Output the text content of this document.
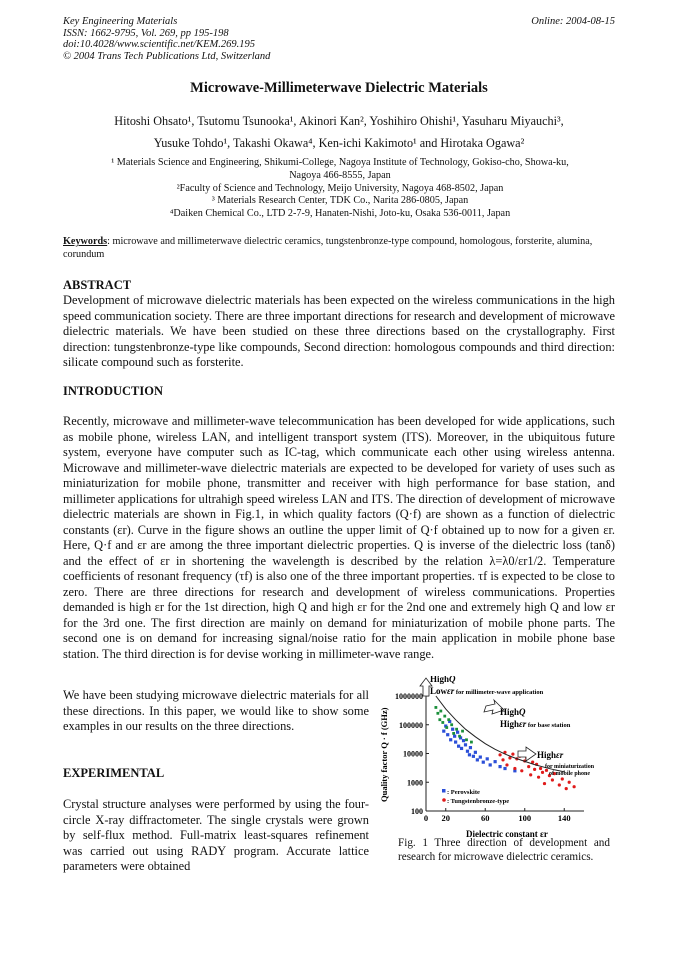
Key Engineering Materials
ISSN: 1662-9795, Vol. 269, pp 195-198
doi:10.4028/www.scientific.net/KEM.269.195
© 2004 Trans Tech Publications Ltd, Switzerland
Online: 2004-08-15
Microwave-Millimeterwave Dielectric Materials
Hitoshi Ohsato¹, Tsutomu Tsunooka¹, Akinori Kan², Yoshihiro Ohishi¹, Yasuharu Miyauchi³,
Yusuke Tohdo¹, Takashi Okawa⁴, Ken-ichi Kakimoto¹ and Hirotaka Ogawa²
¹ Materials Science and Engineering, Shikumi-College, Nagoya Institute of Technology, Gokiso-cho, Showa-ku,
Nagoya 466-8555, Japan
²Faculty of Science and Technology, Meijo University, Nagoya 468-8502, Japan
³ Materials Research Center, TDK Co., Narita 286-0805, Japan
⁴Daiken Chemical Co., LTD 2-7-9, Hanaten-Nishi, Joto-ku, Osaka 536-0011, Japan
Keywords: microwave and millimeterwave dielectric ceramics, tungstenbronze-type compound, homologous, forsterite, alumina, corundum
ABSTRACT
Development of microwave dielectric materials has been expected on the wireless communications in the high speed communication society. There are three important directions for research and development of microwave dielectric materials. We have been studied on these three directions based on the crystallography. First direction: tungstenbronze-type like compounds, Second direction: homologous compounds and third direction: silicate compound such as forsterite.
INTRODUCTION
Recently, microwave and millimeter-wave telecommunication has been developed for wide applications, such as mobile phone, wireless LAN, and intelligent transport system (ITS). Moreover, in the ubiquitous future system, everyone have computer such as IC-tag, which communicate each other using wireless antenna. Microwave and millimeter-wave dielectric materials are expected to be developed for variety of uses such as miniaturization for mobile phone, transmitter and receiver with high performance for base station, and millimeter applications for ultrahigh speed wireless LAN and ITS. The direction of development of microwave dielectric materials are shown in Fig.1, in which quality factors (Q·f) are shown as a function of dielectric constants (εr). Curve in the figure shows an outline the upper limit of Q·f obtained up to now for a given εr. Here, Q·f and εr are among the three important dielectric properties. Q is inverse of the dielectric loss (tanδ) and the effect of εr in shortening the wavelength is described by the relation λ=λ0/εr1/2. Temperature coefficients of resonant frequency (τf) is also one of the three important properties. τf is expected to be close to zero. There are three directions for research and development of wireless communications. Properties demanded is high εr for the 1st direction, high Q and high εr for the 2nd one and extremely high Q and low εr for the 3rd one. The first direction are mainly on demand for miniaturization of mobile phone parts. The second one is on demand for increasing signal/noise ratio for the main application in mobile phone base station. The third direction is for devise working in millimeter-wave range.
We have been studying microwave dielectric materials for all these directions. In this paper, we would like to show some examples in our results on the three directions.
EXPERIMENTAL
Crystal structure analyses were performed by using the four-circle X-ray diffractometer. The single crystals were grown by self-flux method. Full-matrix least-squares refinement was carried out using RADY program. Accurate lattice parameters were obtained
0 20	60	100	140
100
1000
10000
100000
1000000
HighQ
Lowεr for millimeter-wave application
HighQ
Highεr for base station
Highεr
for miniaturization
of mobile phone
: Perovskite
: Tungstenbronze-type
Dielectric constant εr
Quality factor Q · f (GHz)
Fig. 1 Three direction of development and research for microwave dielectric ceramics.
